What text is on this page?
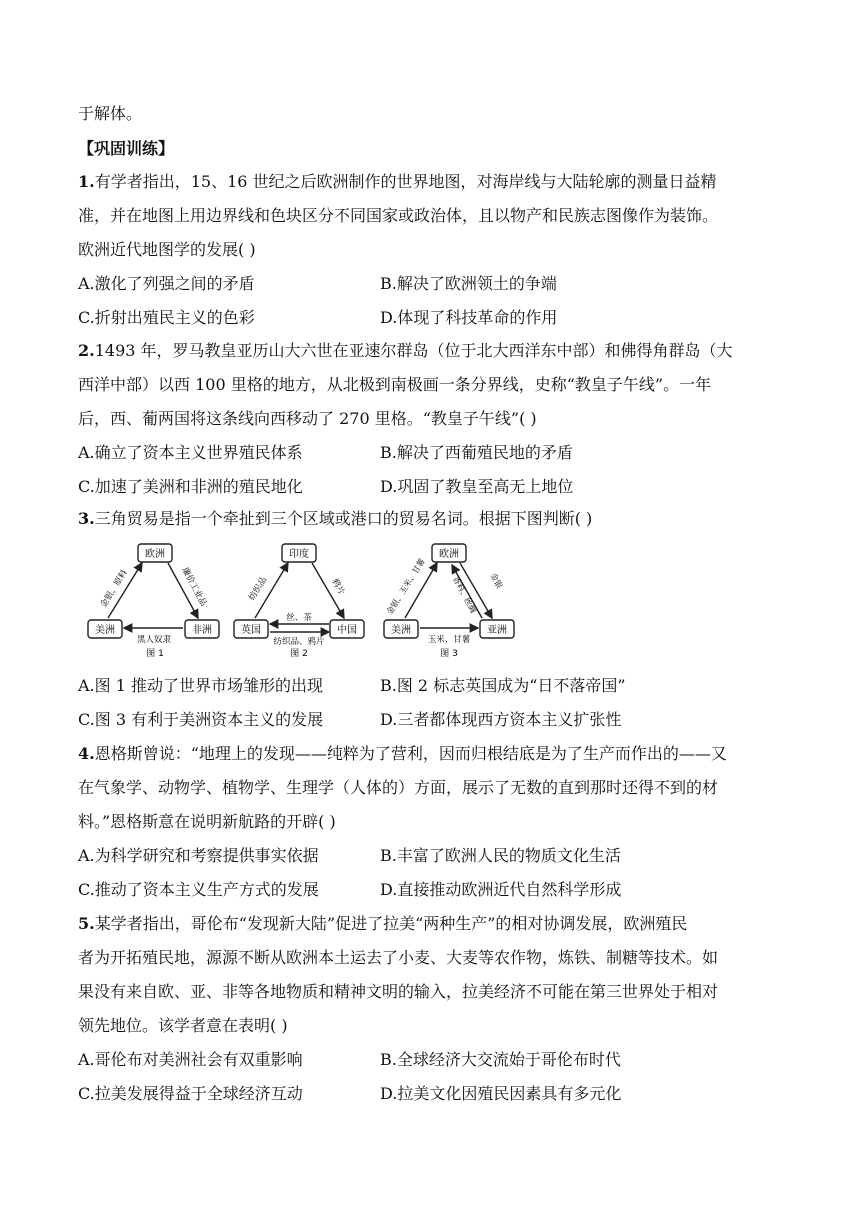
于解体。
【巩固训练】
1.有学者指出，15、16 世纪之后欧洲制作的世界地图，对海岸线与大陆轮廓的测量日益精
准，并在地图上用边界线和色块区分不同国家或政治体，且以物产和民族志图像作为装饰。
欧洲近代地图学的发展( )
A.激化了列强之间的矛盾	B.解决了欧洲领土的争端
C.折射出殖民主义的色彩	D.体现了科技革命的作用
2.1493 年，罗马教皇亚历山大六世在亚速尔群岛（位于北大西洋东中部）和佛得角群岛（大
西洋中部）以西 100 里格的地方，从北极到南极画一条分界线，史称“教皇子午线”。一年
后，西、葡两国将这条线向西移动了 270 里格。“教皇子午线”( )
A.确立了资本主义世界殖民体系	B.解决了西葡殖民地的矛盾
C.加速了美洲和非洲的殖民地化	D.巩固了教皇至高无上地位
3.三角贸易是指一个牵扯到三个区域或港口的贸易名词。根据下图判断( )
欧洲
美洲	非洲
金银、原料	廉价工业品
黑人奴隶
图 1
印度
英国	中国
纺织品	鸦片
丝、茶
纺织品、鸦片
图 2
欧洲
美洲	亚洲
金银、玉米、甘薯	香料、丝绸 金银
玉米、甘薯
图 3
A.图 1 推动了世界市场雏形的出现	B.图 2 标志英国成为“日不落帝国”
C.图 3 有利于美洲资本主义的发展	D.三者都体现西方资本主义扩张性
4.恩格斯曾说：“地理上的发现——纯粹为了营利，因而归根结底是为了生产而作出的——又
在气象学、动物学、植物学、生理学（人体的）方面，展示了无数的直到那时还得不到的材
料。”恩格斯意在说明新航路的开辟( )
A.为科学研究和考察提供事实依据	B.丰富了欧洲人民的物质文化生活
C.推动了资本主义生产方式的发展	D.直接推动欧洲近代自然科学形成
5.某学者指出，哥伦布“发现新大陆”促进了拉美“两种生产”的相对协调发展，欧洲殖民
者为开拓殖民地，源源不断从欧洲本土运去了小麦、大麦等农作物，炼铁、制糖等技术。如
果没有来自欧、亚、非等各地物质和精神文明的输入，拉美经济不可能在第三世界处于相对
领先地位。该学者意在表明( )
A.哥伦布对美洲社会有双重影响	B.全球经济大交流始于哥伦布时代
C.拉美发展得益于全球经济互动	D.拉美文化因殖民因素具有多元化
